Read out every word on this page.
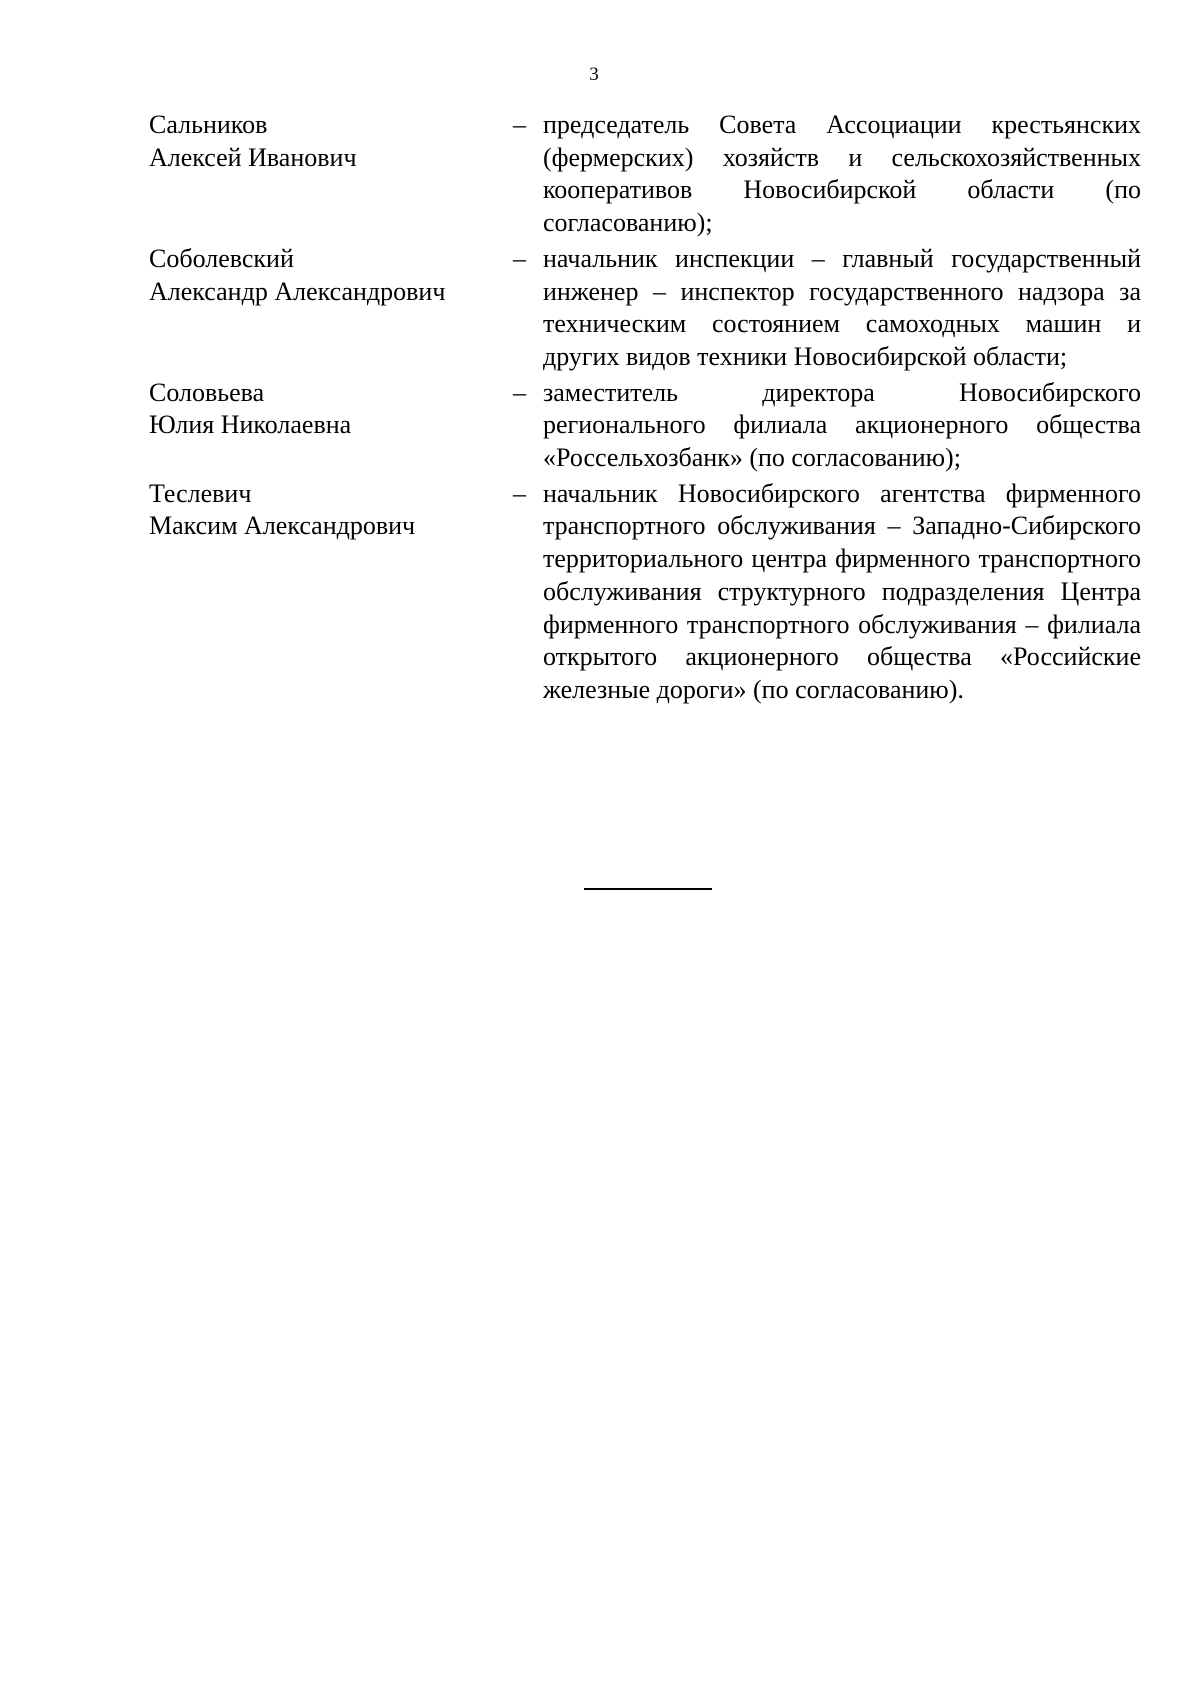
3
Сальников
Алексей Иванович
– председатель Совета Ассоциации крестьянских (фермерских) хозяйств и сельскохозяйственных кооперативов Новосибирской области (по согласованию);
Соболевский
Александр Александрович
– начальник инспекции – главный государственный инженер – инспектор государственного надзора за техническим состоянием самоходных машин и других видов техники Новосибирской области;
Соловьева
Юлия Николаевна
– заместитель директора Новосибирского регионального филиала акционерного общества «Россельхозбанк» (по согласованию);
Теслевич
Максим Александрович
– начальник Новосибирского агентства фирменного транспортного обслуживания – Западно-Сибирского территориального центра фирменного транспортного обслуживания структурного подразделения Центра фирменного транспортного обслуживания – филиала открытого акционерного общества «Российские железные дороги» (по согласованию).
